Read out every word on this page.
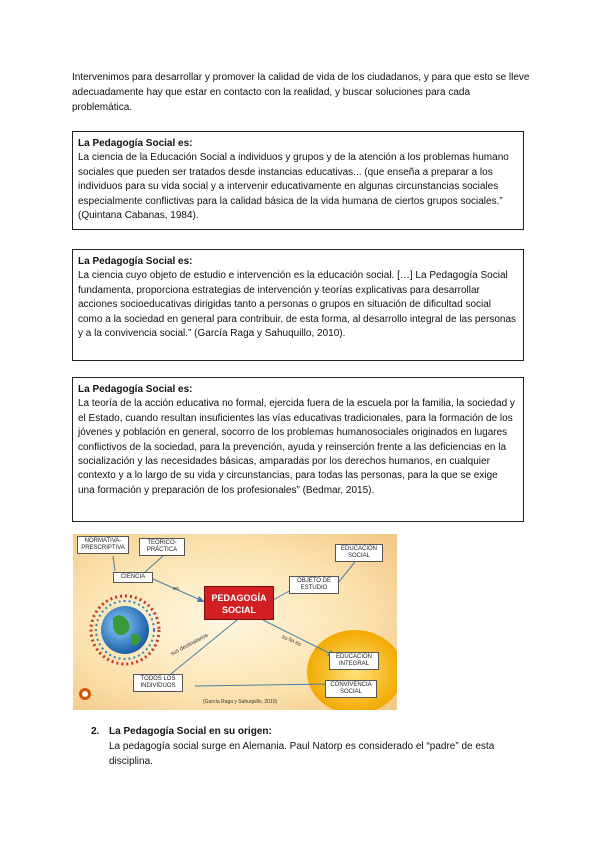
Intervenimos para desarrollar y promover la calidad de vida de los ciudadanos, y para que esto se lleve adecuadamente hay que estar en contacto con la realidad, y buscar soluciones para cada problemática.

La Pedagogía Social es:
La ciencia de la Educación Social a individuos y grupos y de la atención a los problemas humano sociales que pueden ser tratados desde instancias educativas... (que enseña a preparar a los individuos para su vida social y a intervenir educativamente en algunas circunstancias sociales especialmente conflictivas para la calidad básica de la vida humana de ciertos grupos sociales.” (Quintana Cabanas, 1984).
La Pedagogía Social es:
La ciencia cuyo objeto de estudio e intervención es la educación social. […] La Pedagogía Social fundamenta, proporciona estrategias de intervención y teorías explicativas para desarrollar acciones socioeducativas dirigidas tanto a personas o grupos en situación de dificultad social como a la sociedad en general para contribuir, de esta forma, al desarrollo integral de las personas y a la convivencia social.” (García Raga y Sahuquillo, 2010).
La Pedagogía Social es:
La teoría de la acción educativa no formal, ejercida fuera de la escuela por la familia, la sociedad y el Estado, cuando resultan insuficientes las vías educativas tradicionales, para la formación de los jóvenes y población en general, socorro de los problemas humanosociales originados en lugares conflictivos de la sociedad, para la prevención, ayuda y reinserción frente a las deficiencias en la socialización y las necesidades básicas, amparadas por los derechos humanos, en cualquier contexto y a lo largo de su vida y circunstancias, para todas las personas, para la que se exige una formación y preparación de los profesionales” (Bedmar, 2015).
NORMATIVA-PRESCRIPTIVA
TEÓRICO-PRÁCTICA
CIENCIA
es
PEDAGOGÍA SOCIAL
OBJETO DE ESTUDIO
EDUCACIÓN SOCIAL
sus destinatarios	su fin es
EDUCACIÓN INTEGRAL
CONVIVENCIA SOCIAL
TODOS LOS INDIVIDUOS
(García Raga y Sahuquillo, 2010)
2. La Pedagogía Social en su origen:
La pedagogía social surge en Alemania. Paul Natorp es considerado el “padre” de esta disciplina.
